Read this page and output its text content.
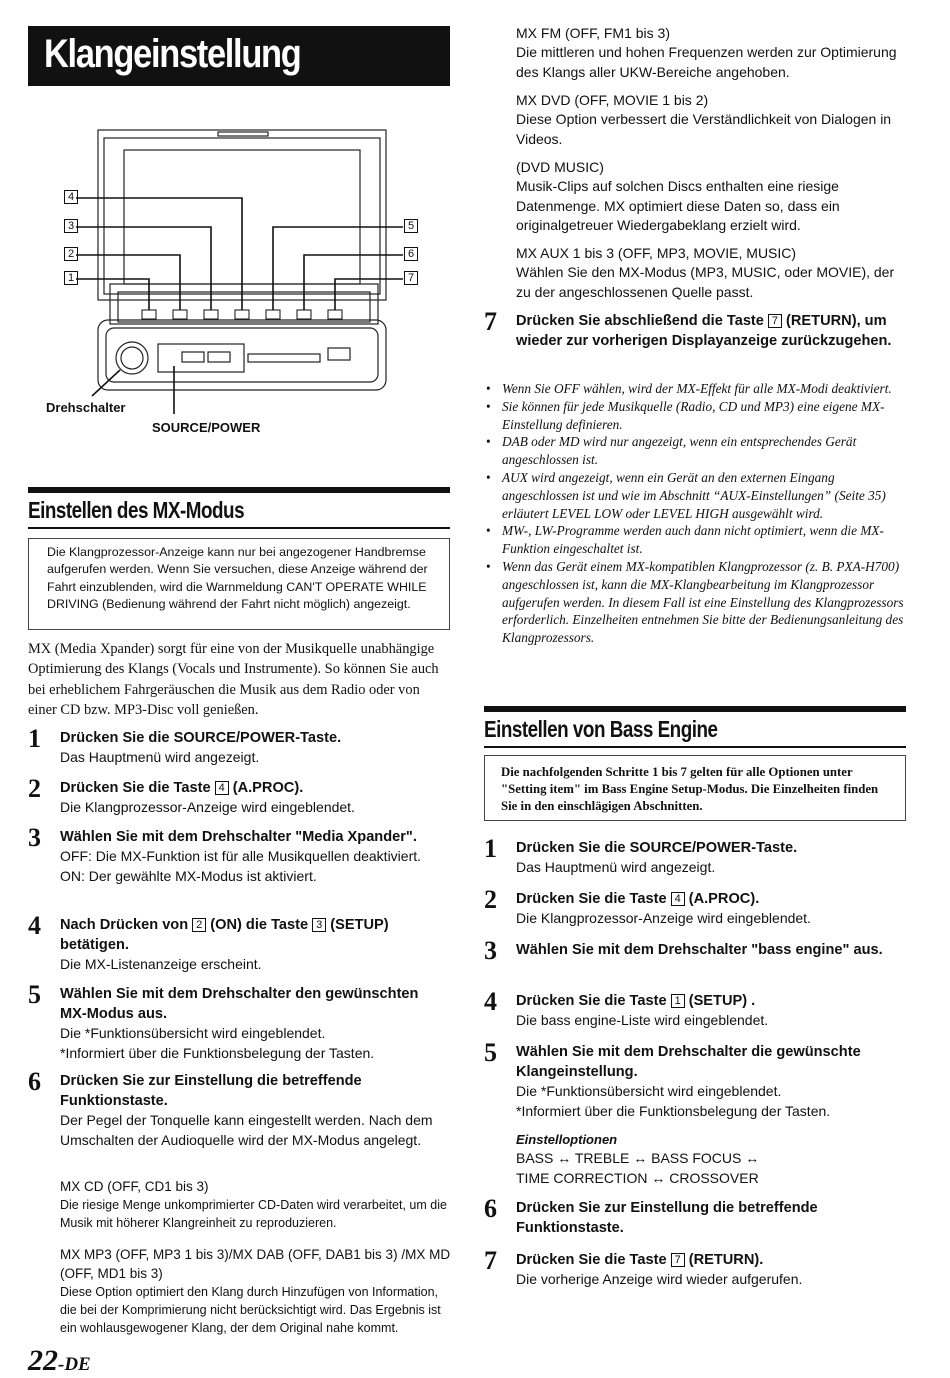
Klangeinstellung
4
3
2
1
5
6
7
Drehschalter
SOURCE/POWER
Einstellen des MX-Modus

Die Klangprozessor-Anzeige kann nur bei angezogener Handbremse aufgerufen werden. Wenn Sie versuchen, diese Anzeige während der Fahrt einzublenden, wird die Warnmeldung CAN'T OPERATE WHILE DRIVING (Bedienung während der Fahrt nicht möglich) angezeigt.

MX (Media Xpander) sorgt für eine von der Musikquelle unabhängige Optimierung des Klangs (Vocals und Instrumente). So können Sie auch bei erheblichem Fahrgeräuschen die Musik aus dem Radio oder von einer CD bzw. MP3-Disc voll genießen.
1 Drücken Sie die SOURCE/POWER-Taste.
Das Hauptmenü wird angezeigt.
2 Drücken Sie die Taste 4 (A.PROC).
Die Klangprozessor-Anzeige wird eingeblendet.
3 Wählen Sie mit dem Drehschalter "Media Xpander".
OFF: Die MX-Funktion ist für alle Musikquellen deaktiviert.
ON: Der gewählte MX-Modus ist aktiviert.
4 Nach Drücken von 2 (ON) die Taste 3 (SETUP) betätigen.
Die MX-Listenanzeige erscheint.
5 Wählen Sie mit dem Drehschalter den gewünschten MX-Modus aus.
Die *Funktionsübersicht wird eingeblendet.
*Informiert über die Funktionsbelegung der Tasten.
6 Drücken Sie zur Einstellung die betreffende Funktionstaste.
Der Pegel der Tonquelle kann eingestellt werden. Nach dem Umschalten der Audioquelle wird der MX-Modus angelegt.
MX CD (OFF, CD1 bis 3)
Die riesige Menge unkomprimierter CD-Daten wird verarbeitet, um die Musik mit höherer Klangreinheit zu reproduzieren.
MX MP3 (OFF, MP3 1 bis 3)/MX DAB (OFF, DAB1 bis 3) /MX MD (OFF, MD1 bis 3)
Diese Option optimiert den Klang durch Hinzufügen von Information, die bei der Komprimierung nicht berücksichtigt wird. Das Ergebnis ist ein wohlausgewogener Klang, der dem Original nahe kommt.
MX FM (OFF, FM1 bis 3)
Die mittleren und hohen Frequenzen werden zur Optimierung des Klangs aller UKW-Bereiche angehoben.
MX DVD (OFF, MOVIE 1 bis 2)
Diese Option verbessert die Verständlichkeit von Dialogen in Videos.
(DVD MUSIC)
Musik-Clips auf solchen Discs enthalten eine riesige Datenmenge. MX optimiert diese Daten so, dass ein originalgetreuer Wiedergabeklang erzielt wird.
MX AUX 1 bis 3 (OFF, MP3, MOVIE, MUSIC)
Wählen Sie den MX-Modus (MP3, MUSIC, oder MOVIE), der zu der angeschlossenen Quelle passt.
7 Drücken Sie abschließend die Taste 7 (RETURN), um wieder zur vorherigen Displayanzeige zurückzugehen.
• Wenn Sie OFF wählen, wird der MX-Effekt für alle MX-Modi deaktiviert.
• Sie können für jede Musikquelle (Radio, CD und MP3) eine eigene MX-Einstellung definieren.
• DAB oder MD wird nur angezeigt, wenn ein entsprechendes Gerät angeschlossen ist.
• AUX wird angezeigt, wenn ein Gerät an den externen Eingang angeschlossen ist und wie im Abschnitt “AUX-Einstellungen” (Seite 35) erläutert LEVEL LOW oder LEVEL HIGH ausgewählt wird.
• MW-, LW-Programme werden auch dann nicht optimiert, wenn die MX-Funktion eingeschaltet ist.
• Wenn das Gerät einem MX-kompatiblen Klangprozessor (z. B. PXA-H700) angeschlossen ist, kann die MX-Klangbearbeitung im Klangprozessor aufgerufen werden. In diesem Fall ist eine Einstellung des Klangprozessors erforderlich. Einzelheiten entnehmen Sie bitte der Bedienungsanleitung des Klangprozessors.
Einstellen von Bass Engine

Die nachfolgenden Schritte 1 bis 7 gelten für alle Optionen unter "Setting item" im Bass Engine Setup-Modus. Die Einzelheiten finden Sie in den einschlägigen Abschnitten.

1 Drücken Sie die SOURCE/POWER-Taste.
Das Hauptmenü wird angezeigt.
2 Drücken Sie die Taste 4 (A.PROC).
Die Klangprozessor-Anzeige wird eingeblendet.
3 Wählen Sie mit dem Drehschalter "bass engine" aus.
4 Drücken Sie die Taste 1 (SETUP) .
Die bass engine-Liste wird eingeblendet.
5 Wählen Sie mit dem Drehschalter die gewünschte Klangeinstellung.
Die *Funktionsübersicht wird eingeblendet.
*Informiert über die Funktionsbelegung der Tasten.
Einstelloptionen
BASS ↔ TREBLE ↔ BASS FOCUS ↔
TIME CORRECTION ↔ CROSSOVER
6 Drücken Sie zur Einstellung die betreffende Funktionstaste.
7 Drücken Sie die Taste 7 (RETURN).
Die vorherige Anzeige wird wieder aufgerufen.
22-DE
